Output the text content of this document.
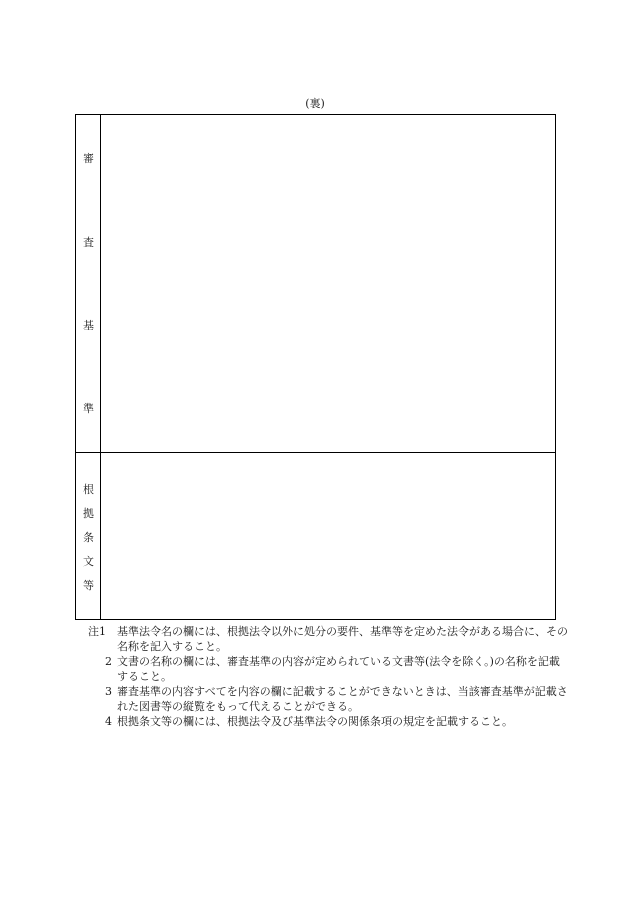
(裏)
審
査
基
準
根
拠
条
文
等
注1	基準法令名の欄には、根拠法令以外に処分の要件、基準等を定めた法令がある場合に、その名称を記入すること。
2 文書の名称の欄には、審査基準の内容が定められている文書等(法令を除く。)の名称を記載すること。
3 審査基準の内容すべてを内容の欄に記載することができないときは、当該審査基準が記載された図書等の縦覧をもって代えることができる。
4 根拠条文等の欄には、根拠法令及び基準法令の関係条項の規定を記載すること。
